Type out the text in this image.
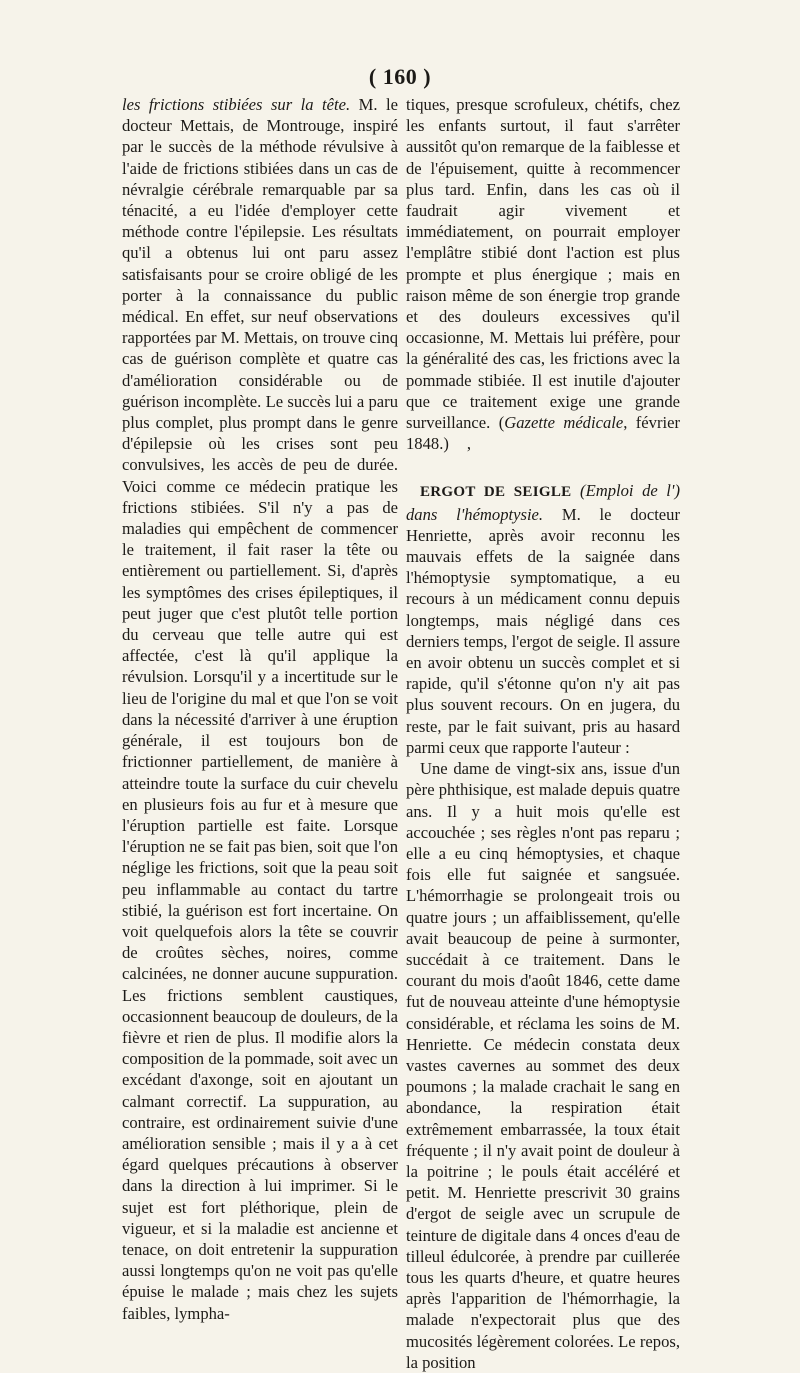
( 160 )

les frictions stibiées sur la tête. M. le docteur Mettais, de Montrouge, inspiré par le succès de la méthode révulsive à l'aide de frictions stibiées dans un cas de névralgie cérébrale remarquable par sa ténacité, a eu l'idée d'employer cette méthode contre l'épilepsie. Les résultats qu'il a obtenus lui ont paru assez satisfaisants pour se croire obligé de les porter à la connaissance du public médical. En effet, sur neuf observations rapportées par M. Mettais, on trouve cinq cas de guérison complète et quatre cas d'amélioration considérable ou de guérison incomplète. Le succès lui a paru plus complet, plus prompt dans le genre d'épilepsie où les crises sont peu convulsives, les accès de peu de durée. Voici comme ce médecin pratique les frictions stibiées. S'il n'y a pas de maladies qui empêchent de commencer le traitement, il fait raser la tête ou entièrement ou partiellement. Si, d'après les symptômes des crises épileptiques, il peut juger que c'est plutôt telle portion du cerveau que telle autre qui est affectée, c'est là qu'il applique la révulsion. Lorsqu'il y a incertitude sur le lieu de l'origine du mal et que l'on se voit dans la nécessité d'arriver à une éruption générale, il est toujours bon de frictionner partiellement, de manière à atteindre toute la surface du cuir chevelu en plusieurs fois au fur et à mesure que l'éruption partielle est faite. Lorsque l'éruption ne se fait pas bien, soit que l'on néglige les frictions, soit que la peau soit peu inflammable au contact du tartre stibié, la guérison est fort incertaine. On voit quelquefois alors la tête se couvrir de croûtes sèches, noires, comme calcinées, ne donner aucune suppuration. Les frictions semblent caustiques, occasionnent beaucoup de douleurs, de la fièvre et rien de plus. Il modifie alors la composition de la pommade, soit avec un excédant d'axonge, soit en ajoutant un calmant correctif. La suppuration, au contraire, est ordinairement suivie d'une amélioration sensible ; mais il y a à cet égard quelques précautions à observer dans la direction à lui imprimer. Si le sujet est fort pléthorique, plein de vigueur, et si la maladie est ancienne et tenace, on doit entretenir la suppuration aussi longtemps qu'on ne voit pas qu'elle épuise le malade ; mais chez les sujets faibles, lympha-

tiques, presque scrofuleux, chétifs, chez les enfants surtout, il faut s'arrêter aussitôt qu'on remarque de la faiblesse et de l'épuisement, quitte à recommencer plus tard. Enfin, dans les cas où il faudrait agir vivement et immédiatement, on pourrait employer l'emplâtre stibié dont l'action est plus prompte et plus énergique ; mais en raison même de son énergie trop grande et des douleurs excessives qu'il occasionne, M. Mettais lui préfère, pour la généralité des cas, les frictions avec la pommade stibiée. Il est inutile d'ajouter que ce traitement exige une grande surveillance. (Gazette médicale, février 1848.) ,

ERGOT DE SEIGLE (Emploi de l') dans l'hémoptysie. M. le docteur Henriette, après avoir reconnu les mauvais effets de la saignée dans l'hémoptysie symptomatique, a eu recours à un médicament connu depuis longtemps, mais négligé dans ces derniers temps, l'ergot de seigle. Il assure en avoir obtenu un succès complet et si rapide, qu'il s'étonne qu'on n'y ait pas plus souvent recours. On en jugera, du reste, par le fait suivant, pris au hasard parmi ceux que rapporte l'auteur :

Une dame de vingt-six ans, issue d'un père phthisique, est malade depuis quatre ans. Il y a huit mois qu'elle est accouchée ; ses règles n'ont pas reparu ; elle a eu cinq hémoptysies, et chaque fois elle fut saignée et sangsuée. L'hémorrhagie se prolongeait trois ou quatre jours ; un affaiblissement, qu'elle avait beaucoup de peine à surmonter, succédait à ce traitement. Dans le courant du mois d'août 1846, cette dame fut de nouveau atteinte d'une hémoptysie considérable, et réclama les soins de M. Henriette. Ce médecin constata deux vastes cavernes au sommet des deux poumons ; la malade crachait le sang en abondance, la respiration était extrêmement embarrassée, la toux était fréquente ; il n'y avait point de douleur à la poitrine ; le pouls était accéléré et petit. M. Henriette prescrivit 30 grains d'ergot de seigle avec un scrupule de teinture de digitale dans 4 onces d'eau de tilleul édulcorée, à prendre par cuillerée tous les quarts d'heure, et quatre heures après l'apparition de l'hémorrhagie, la malade n'expectorait plus que des mucosités légèrement colorées. Le repos, la position
